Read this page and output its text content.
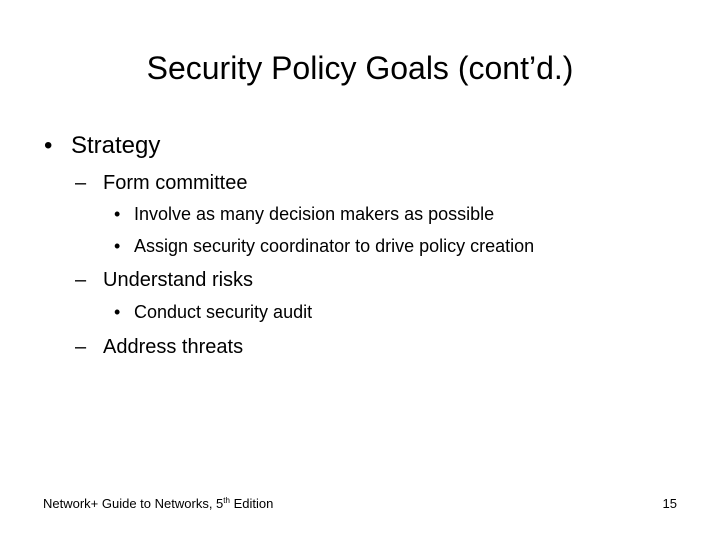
Security Policy Goals (cont’d.)
• Strategy
– Form committee
• Involve as many decision makers as possible
• Assign security coordinator to drive policy creation
– Understand risks
• Conduct security audit
– Address threats
Network+ Guide to Networks, 5th Edition	15
